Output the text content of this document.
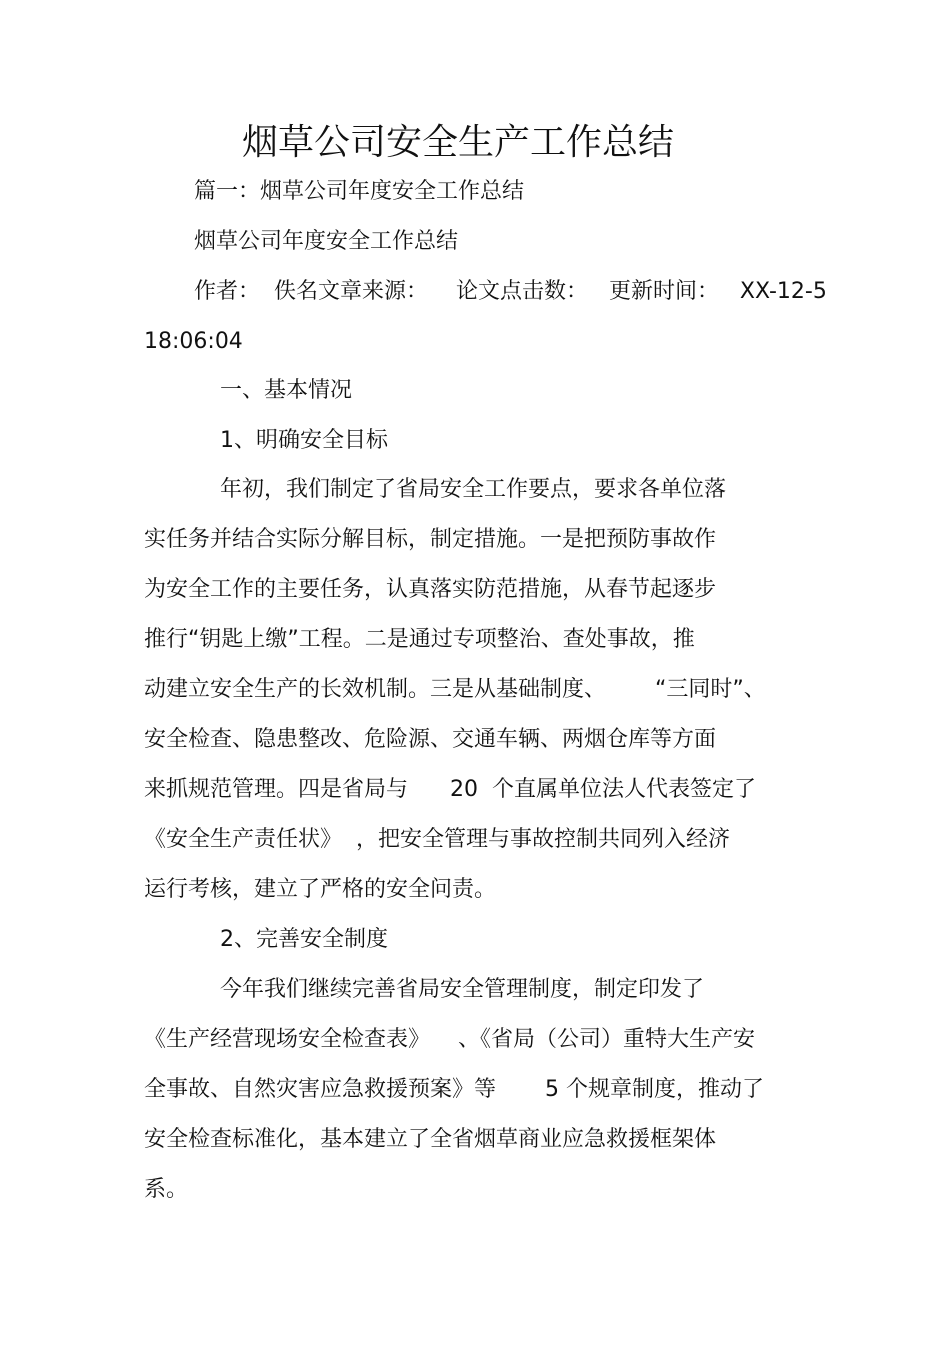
烟草公司安全生产工作总结

篇一：烟草公司年度安全工作总结

烟草公司年度安全工作总结

作者：  佚名文章来源：    论文点击数：   更新时间：   XX-12-5

18:06:04

一、基本情况

1、明确安全目标

年初，我们制定了省局安全工作要点，要求各单位落

实任务并结合实际分解目标，制定措施。一是把预防事故作

为安全工作的主要任务，认真落实防范措施，从春节起逐步

推行“钥匙上缴”工程。二是通过专项整治、查处事故，推

动建立安全生产的长效机制。三是从基础制度、       “三同时”、

安全检查、隐患整改、危险源、交通车辆、两烟仓库等方面

来抓规范管理。四是省局与      20  个直属单位法人代表签定了

《安全生产责任状》  ，把安全管理与事故控制共同列入经济

运行考核，建立了严格的安全问责。

2、完善安全制度

今年我们继续完善省局安全管理制度，制定印发了

《生产经营现场安全检查表》    、《省局（公司）重特大生产安

全事故、自然灾害应急救援预案》等       5 个规章制度，推动了

安全检查标准化，基本建立了全省烟草商业应急救援框架体

系。
